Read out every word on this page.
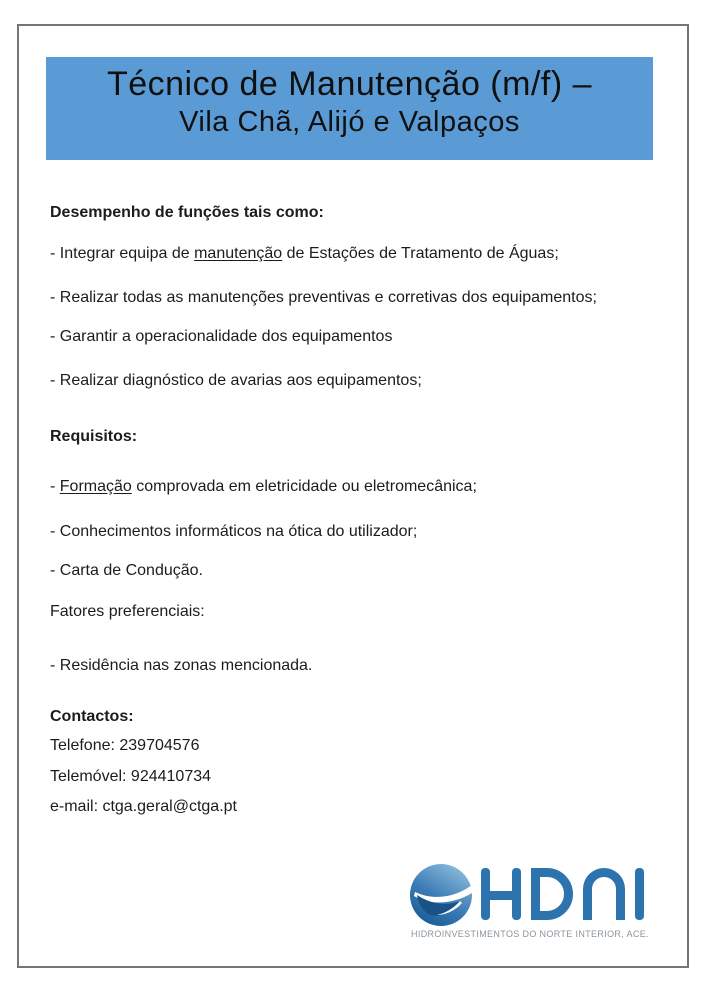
Técnico de Manutenção (m/f) –
Vila Chã, Alijó e Valpaços
Desempenho de funções tais como:
- Integrar equipa de manutenção de Estações de Tratamento de Águas;
- Realizar todas as manutenções preventivas e corretivas dos equipamentos;
- Garantir a operacionalidade dos equipamentos
- Realizar diagnóstico de avarias aos equipamentos;
Requisitos:
- Formação comprovada em eletricidade ou eletromecânica;
- Conhecimentos informáticos na ótica do utilizador;
- Carta de Condução.
Fatores preferenciais:
- Residência nas zonas mencionada.
Contactos:
Telefone: 239704576
Telemóvel: 924410734
e-mail: ctga.geral@ctga.pt
HIDROINVESTIMENTOS DO NORTE INTERIOR, ACE.
